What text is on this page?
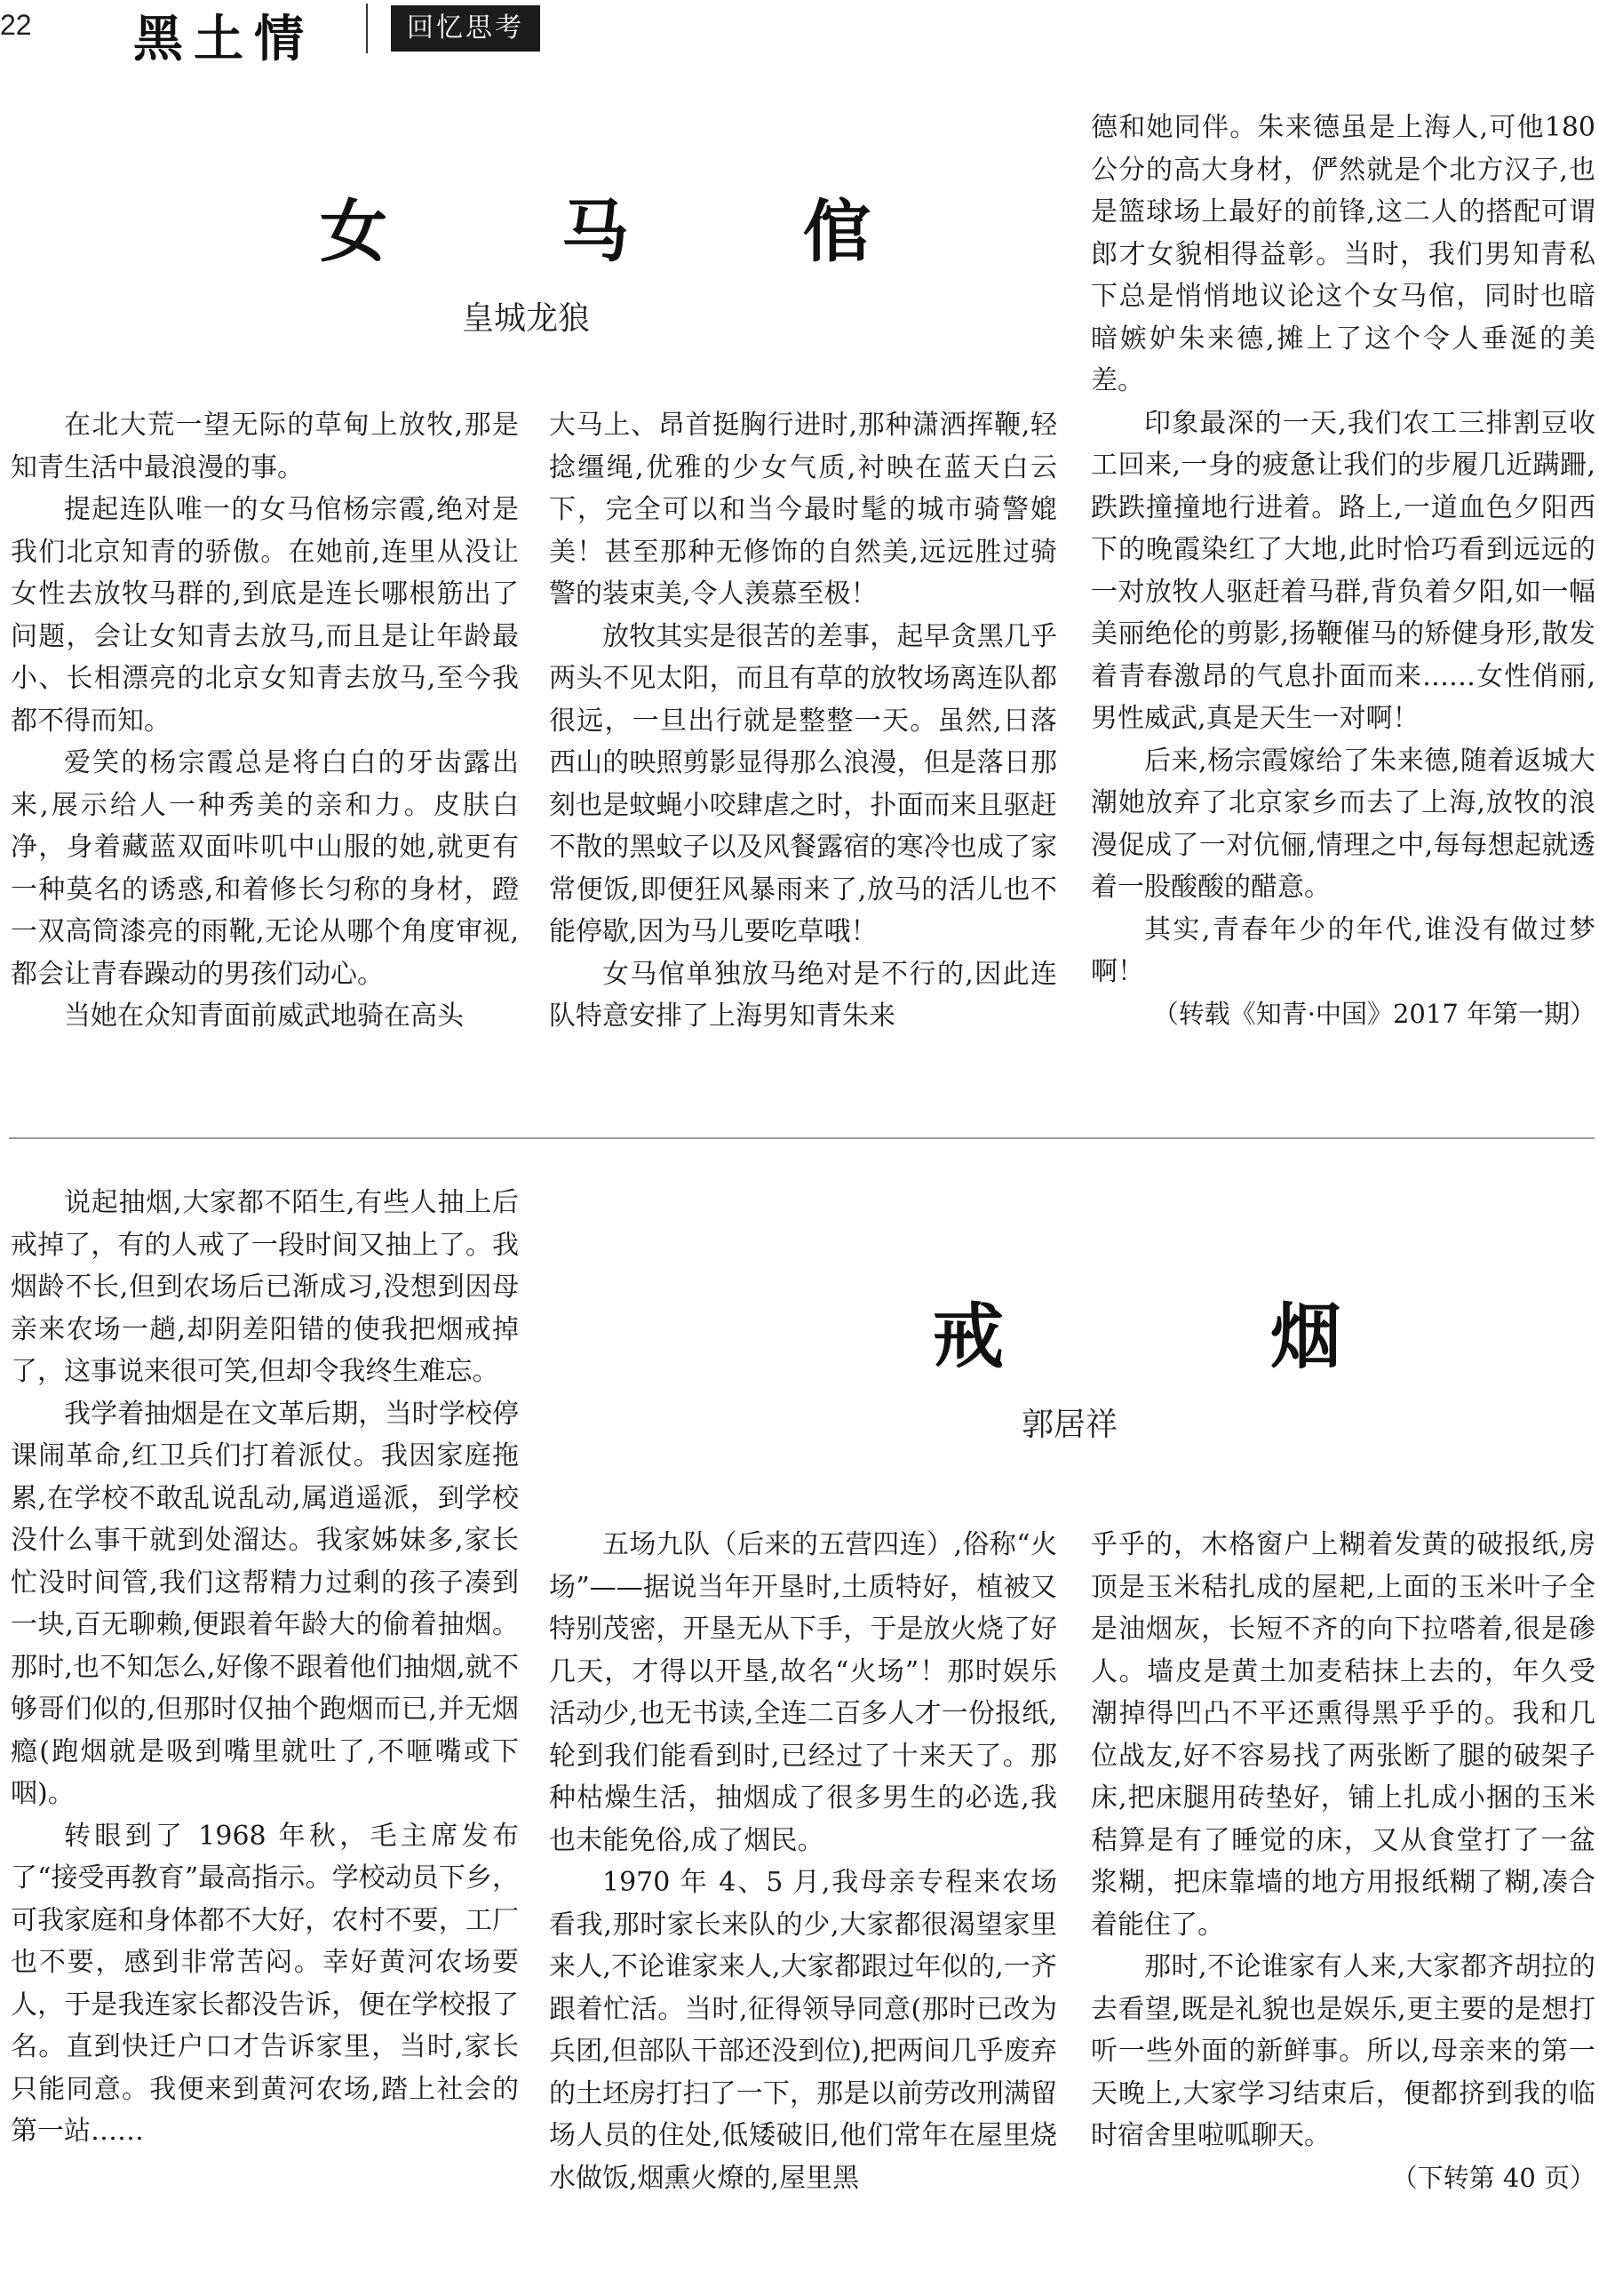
22 黑土情	回忆思考
女　马　倌
皇城龙狼

在北大荒一望无际的草甸上放牧,那是知青生活中最浪漫的事。

提起连队唯一的女马倌杨宗霞,绝对是我们北京知青的骄傲。在她前,连里从没让女性去放牧马群的,到底是连长哪根筋出了问题，会让女知青去放马,而且是让年龄最小、长相漂亮的北京女知青去放马,至今我都不得而知。

爱笑的杨宗霞总是将白白的牙齿露出来,展示给人一种秀美的亲和力。皮肤白净，身着藏蓝双面咔叽中山服的她,就更有一种莫名的诱惑,和着修长匀称的身材，蹬一双高筒漆亮的雨靴,无论从哪个角度审视,都会让青春躁动的男孩们动心。

当她在众知青面前威武地骑在高头

大马上、昂首挺胸行进时,那种潇洒挥鞭,轻捻缰绳,优雅的少女气质,衬映在蓝天白云下，完全可以和当今最时髦的城市骑警媲美！甚至那种无修饰的自然美,远远胜过骑警的装束美,令人羡慕至极！

放牧其实是很苦的差事，起早贪黑几乎两头不见太阳，而且有草的放牧场离连队都很远，一旦出行就是整整一天。虽然,日落西山的映照剪影显得那么浪漫，但是落日那刻也是蚊蝇小咬肆虐之时，扑面而来且驱赶不散的黑蚊子以及风餐露宿的寒冷也成了家常便饭,即便狂风暴雨来了,放马的活儿也不能停歇,因为马儿要吃草哦！

女马倌单独放马绝对是不行的,因此连队特意安排了上海男知青朱来

德和她同伴。朱来德虽是上海人,可他180公分的高大身材，俨然就是个北方汉子,也是篮球场上最好的前锋,这二人的搭配可谓郎才女貌相得益彰。当时，我们男知青私下总是悄悄地议论这个女马倌，同时也暗暗嫉妒朱来德,摊上了这个令人垂涎的美差。

印象最深的一天,我们农工三排割豆收工回来,一身的疲惫让我们的步履几近蹒跚,跌跌撞撞地行进着。路上,一道血色夕阳西下的晚霞染红了大地,此时恰巧看到远远的一对放牧人驱赶着马群,背负着夕阳,如一幅美丽绝伦的剪影,扬鞭催马的矫健身形,散发着青春激昂的气息扑面而来……女性俏丽,男性威武,真是天生一对啊！

后来,杨宗霞嫁给了朱来德,随着返城大潮她放弃了北京家乡而去了上海,放牧的浪漫促成了一对伉俪,情理之中,每每想起就透着一股酸酸的醋意。

其实,青春年少的年代,谁没有做过梦啊！

（转载《知青·中国》2017 年第一期）
戒　烟
郭居祥

说起抽烟,大家都不陌生,有些人抽上后戒掉了，有的人戒了一段时间又抽上了。我烟龄不长,但到农场后已渐成习,没想到因母亲来农场一趟,却阴差阳错的使我把烟戒掉了，这事说来很可笑,但却令我终生难忘。

我学着抽烟是在文革后期，当时学校停课闹革命,红卫兵们打着派仗。我因家庭拖累,在学校不敢乱说乱动,属逍遥派，到学校没什么事干就到处溜达。我家姊妹多,家长忙没时间管,我们这帮精力过剩的孩子凑到一块,百无聊赖,便跟着年龄大的偷着抽烟。那时,也不知怎么,好像不跟着他们抽烟,就不够哥们似的,但那时仅抽个跑烟而已,并无烟瘾(跑烟就是吸到嘴里就吐了,不咂嘴或下咽)。

转眼到了 1968 年秋，毛主席发布了“接受再教育”最高指示。学校动员下乡，可我家庭和身体都不大好，农村不要，工厂也不要，感到非常苦闷。幸好黄河农场要人，于是我连家长都没告诉，便在学校报了名。直到快迁户口才告诉家里，当时,家长只能同意。我便来到黄河农场,踏上社会的第一站……

五场九队（后来的五营四连）,俗称“火场”——据说当年开垦时,土质特好，植被又特别茂密，开垦无从下手，于是放火烧了好几天，才得以开垦,故名“火场”！那时娱乐活动少,也无书读,全连二百多人才一份报纸,轮到我们能看到时,已经过了十来天了。那种枯燥生活，抽烟成了很多男生的必选,我也未能免俗,成了烟民。

1970 年 4、5 月,我母亲专程来农场看我,那时家长来队的少,大家都很渴望家里来人,不论谁家来人,大家都跟过年似的,一齐跟着忙活。当时,征得领导同意(那时已改为兵团,但部队干部还没到位),把两间几乎废弃的土坯房打扫了一下，那是以前劳改刑满留场人员的住处,低矮破旧,他们常年在屋里烧水做饭,烟熏火燎的,屋里黑

乎乎的，木格窗户上糊着发黄的破报纸,房顶是玉米秸扎成的屋耙,上面的玉米叶子全是油烟灰，长短不齐的向下拉嗒着,很是碜人。墙皮是黄土加麦秸抹上去的，年久受潮掉得凹凸不平还熏得黑乎乎的。我和几位战友,好不容易找了两张断了腿的破架子床,把床腿用砖垫好，铺上扎成小捆的玉米秸算是有了睡觉的床，又从食堂打了一盆浆糊，把床靠墙的地方用报纸糊了糊,凑合着能住了。

那时,不论谁家有人来,大家都齐胡拉的去看望,既是礼貌也是娱乐,更主要的是想打听一些外面的新鲜事。所以,母亲来的第一天晚上,大家学习结束后，便都挤到我的临时宿舍里啦呱聊天。

（下转第 40 页）
